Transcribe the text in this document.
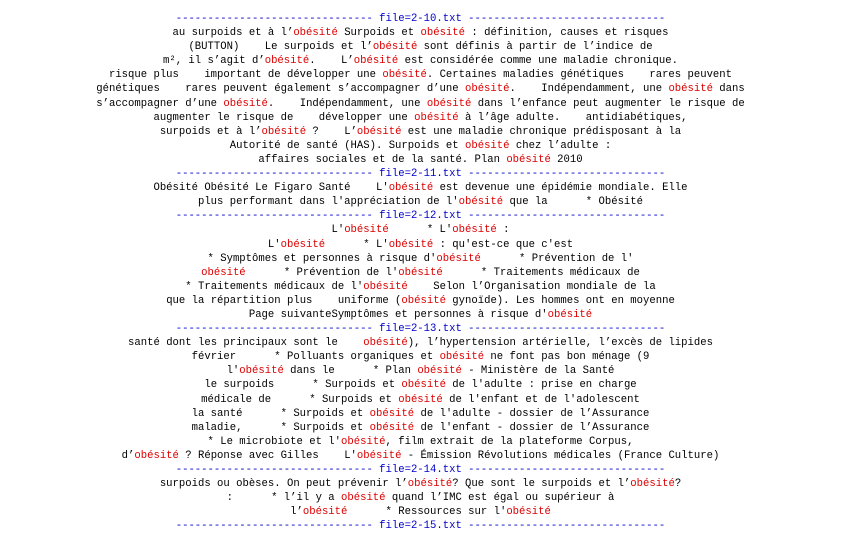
------------------------------- file=2-10.txt -------------------------------
au surpoids et à l’obésité Surpoids et obésité : définition, causes et risques
(BUTTON)    Le surpoids et l’obésité sont définis à partir de l’indice de
m², il s’agit d’obésité.    L’obésité est considérée comme une maladie chronique.
risque plus    important de développer une obésité. Certaines maladies génétiques    rares peuvent
génétiques    rares peuvent également s’accompagner d’une obésité.    Indépendamment, une obésité dans
s’accompagner d’une obésité.    Indépendamment, une obésité dans l’enfance peut augmenter le risque de
augmenter le risque de    développer une obésité à l’âge adulte.    antidiabétiques,
surpoids et à l’obésité ?    L’obésité est une maladie chronique prédisposant à la
Autorité de santé (HAS). Surpoids et obésité chez l’adulte :
affaires sociales et de la santé. Plan obésité 2010
------------------------------- file=2-11.txt -------------------------------
Obésité Obésité Le Figaro Santé    L'obésité est devenue une épidémie mondiale. Elle
plus performant dans l'appréciation de l'obésité que la      * Obésité
------------------------------- file=2-12.txt -------------------------------
L'obésité      * L'obésité :
L'obésité      * L'obésité : qu'est-ce que c'est
* Symptômes et personnes à risque d'obésité      * Prévention de l'
obésité      * Prévention de l'obésité      * Traitements médicaux de
* Traitements médicaux de l'obésité    Selon l’Organisation mondiale de la
que la répartition plus    uniforme (obésité gynoïde). Les hommes ont en moyenne
Page suivanteSymptômes et personnes à risque d'obésité
------------------------------- file=2-13.txt -------------------------------
santé dont les principaux sont le    obésité), l’hypertension artérielle, l’excès de lipides
février      * Polluants organiques et obésité ne font pas bon ménage (9
l'obésité dans le      * Plan obésité - Ministère de la Santé
le surpoids      * Surpoids et obésité de l'adulte : prise en charge
médicale de      * Surpoids et obésité de l'enfant et de l'adolescent
la santé      * Surpoids et obésité de l'adulte - dossier de l’Assurance
maladie,      * Surpoids et obésité de l'enfant - dossier de l’Assurance
* Le microbiote et l'obésité, film extrait de la plateforme Corpus,
d’obésité ? Réponse avec Gilles    L'obésité - Émission Révolutions médicales (France Culture)
------------------------------- file=2-14.txt -------------------------------
surpoids ou obèses. On peut prévenir l’obésité? Que sont le surpoids et l’obésité?
:      * l’il y a obésité quand l’IMC est égal ou supérieur à
l’obésité      * Ressources sur l'obésité
------------------------------- file=2-15.txt -------------------------------
